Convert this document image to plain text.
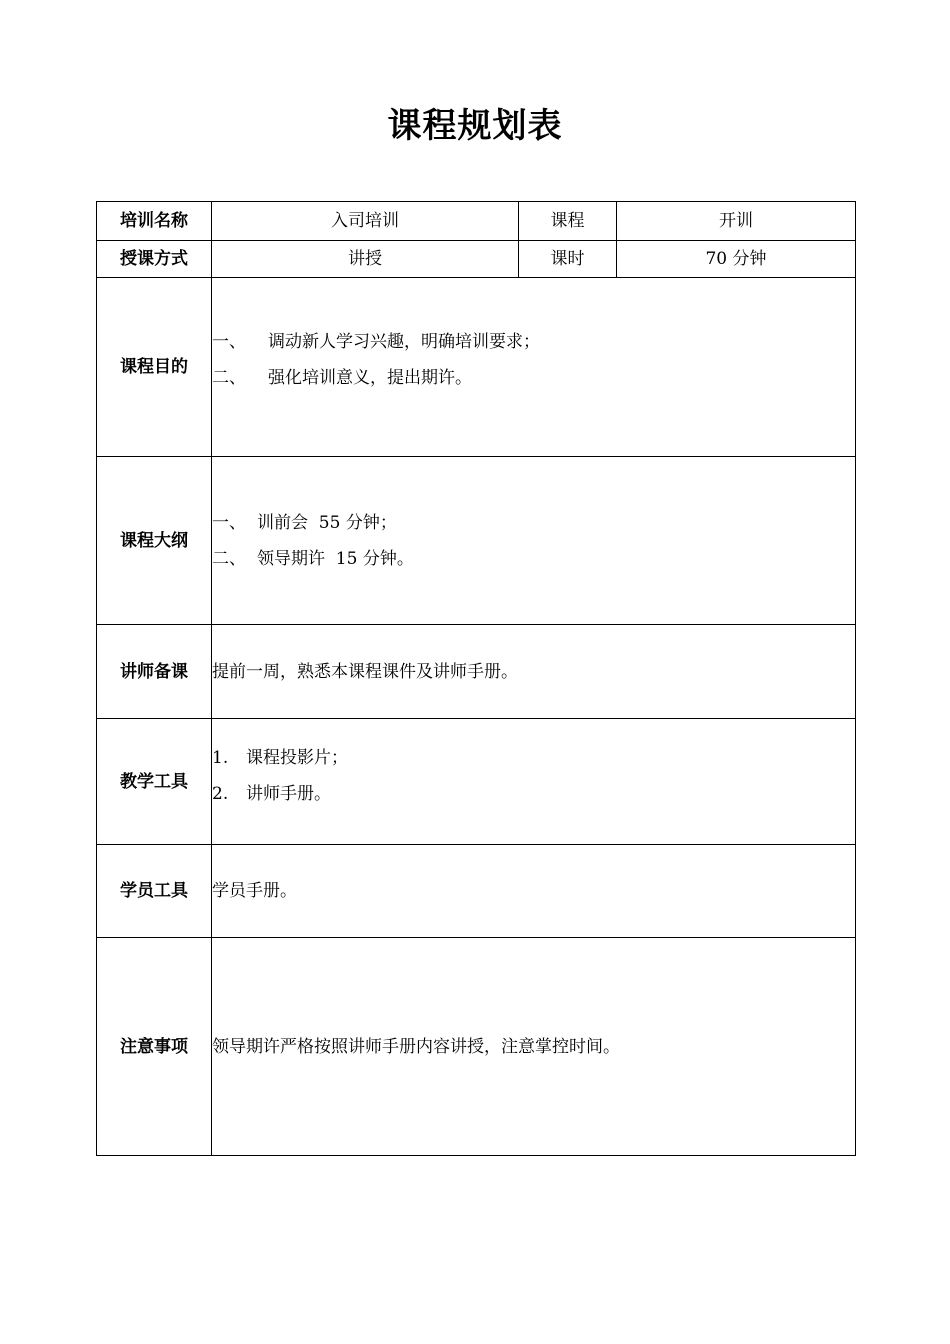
课程规划表
培训名称	入司培训	课程	开训
授课方式	讲授	课时	70 分钟
课程目的	一、 调动新人学习兴趣，明确培训要求；
二、 强化培训意义，提出期许。		

课程大纲	一、 训前会  55 分钟；
二、 领导期许  15 分钟。		

讲师备课	提前一周，熟悉本课程课件及讲师手册。		
教学工具	1. 课程投影片；
2. 讲师手册。		

学员工具	学员手册。		
注意事项	领导期许严格按照讲师手册内容讲授，注意掌控时间。		
